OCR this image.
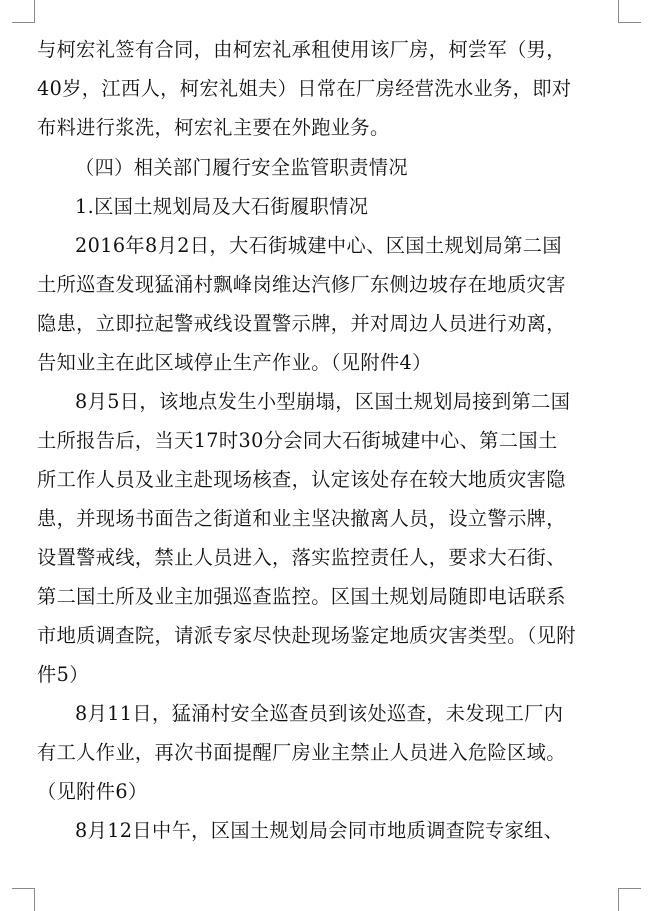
与柯宏礼签有合同，由柯宏礼承租使用该厂房，柯尝军（男，
40岁，江西人，柯宏礼姐夫）日常在厂房经营洗水业务，即对
布料进行浆洗，柯宏礼主要在外跑业务。
（四）相关部门履行安全监管职责情况
1.区国土规划局及大石街履职情况
2016年8月2日，大石街城建中心、区国土规划局第二国
土所巡查发现猛涌村飘峰岗维达汽修厂东侧边坡存在地质灾害
隐患，立即拉起警戒线设置警示牌，并对周边人员进行劝离，
告知业主在此区域停止生产作业。（见附件4）
8月5日，该地点发生小型崩塌，区国土规划局接到第二国
土所报告后，当天17时30分会同大石街城建中心、第二国土
所工作人员及业主赴现场核查，认定该处存在较大地质灾害隐
患，并现场书面告之街道和业主坚决撤离人员，设立警示牌，
设置警戒线，禁止人员进入，落实监控责任人，要求大石街、
第二国土所及业主加强巡查监控。区国土规划局随即电话联系
市地质调查院，请派专家尽快赴现场鉴定地质灾害类型。（见附
件5）
8月11日，猛涌村安全巡查员到该处巡查，未发现工厂内
有工人作业，再次书面提醒厂房业主禁止人员进入危险区域。
（见附件6）
8月12日中午，区国土规划局会同市地质调查院专家组、
